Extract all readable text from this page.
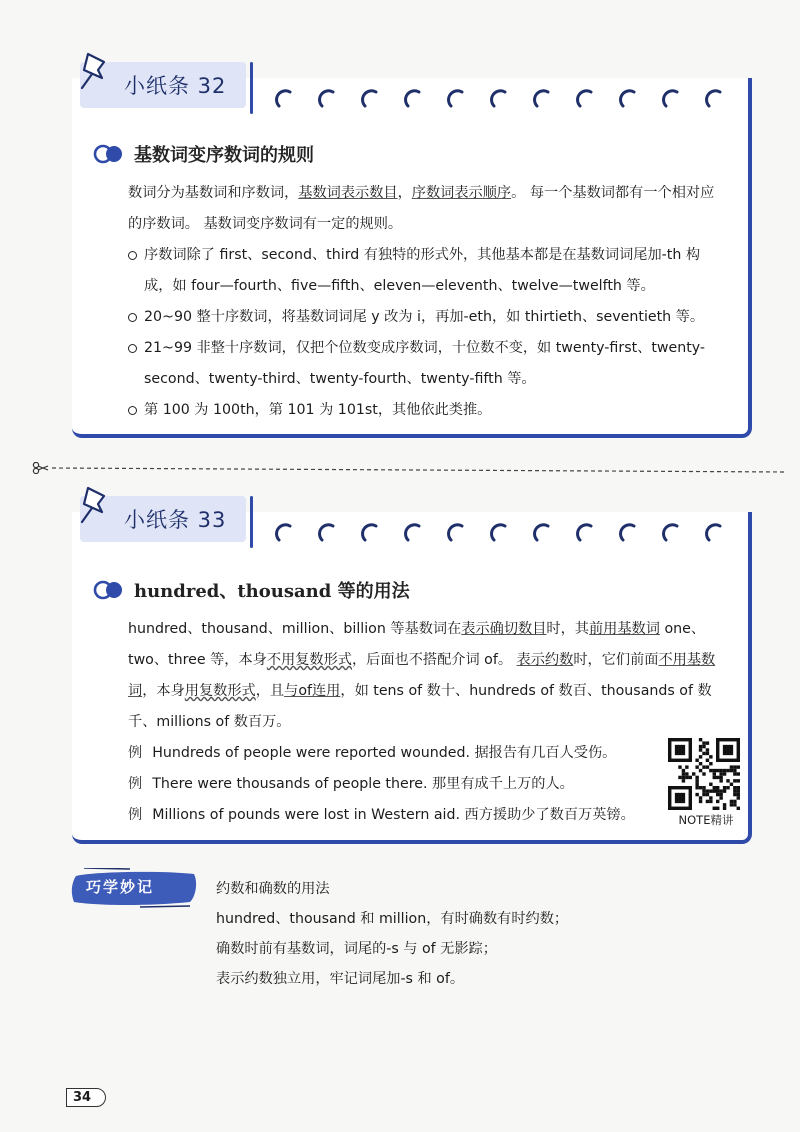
小纸条 32
基数词变序数词的规则
数词分为基数词和序数词，基数词表示数目，序数词表示顺序。 每一个基数词都有一个相对应的序数词。 基数词变序数词有一定的规则。
序数词除了 first、second、third 有独特的形式外，其他基本都是在基数词词尾加-th 构成，如 four—fourth、five—fifth、eleven—eleventh、twelve—twelfth 等。
20~90 整十序数词，将基数词词尾 y 改为 i，再加-eth，如 thirtieth、seventieth 等。
21~99 非整十序数词，仅把个位数变成序数词，十位数不变，如 twenty-first、twenty-second、twenty-third、twenty-fourth、twenty-fifth 等。
第 100 为 100th，第 101 为 101st，其他依此类推。
小纸条 33
hundred、thousand 等的用法
hundred、thousand、million、billion 等基数词在表示确切数目时，其前用基数词 one、two、three 等，本身不用复数形式，后面也不搭配介词 of。 表示约数时，它们前面不用基数词，本身用复数形式，且与of连用，如 tens of 数十、hundreds of 数百、thousands of 数千、millions of 数百万。
例 Hundreds of people were reported wounded. 据报告有几百人受伤。
例 There were thousands of people there. 那里有成千上万的人。
例 Millions of pounds were lost in Western aid. 西方援助少了数百万英镑。	NOTE精讲
巧学妙记	约数和确数的用法
hundred、thousand 和 million，有时确数有时约数；
确数时前有基数词，词尾的-s 与 of 无影踪；
表示约数独立用，牢记词尾加-s 和 of。
34
